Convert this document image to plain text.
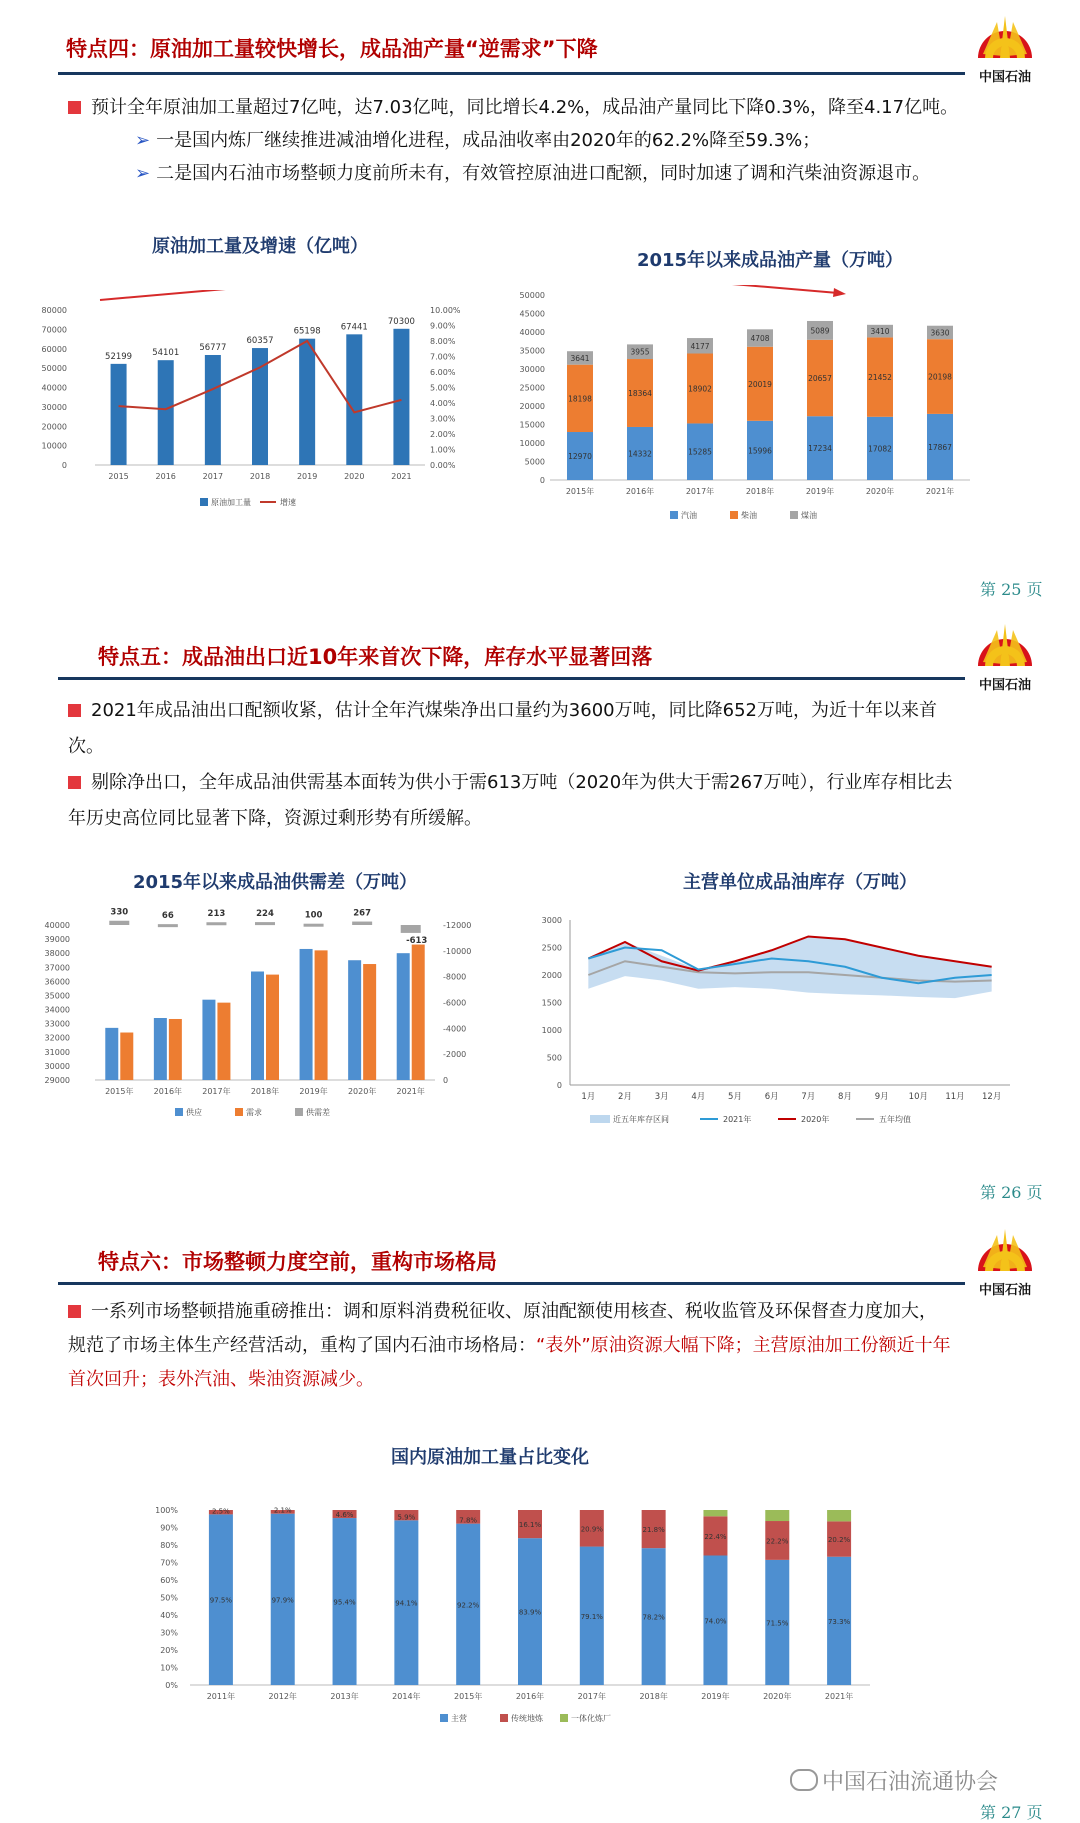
特点四：原油加工量较快增长，成品油产量“逆需求”下降
中国石油
预计全年原油加工量超过7亿吨，达7.03亿吨，同比增长4.2%，成品油产量同比下降0.3%，降至4.17亿吨。
➢ 一是国内炼厂继续推进减油增化进程，成品油收率由2020年的62.2%降至59.3%；
➢ 二是国内石油市场整顿力度前所未有，有效管控原油进口配额，同时加速了调和汽柴油资源退市。
原油加工量及增速（亿吨）
0
10000
20000
30000
40000
50000
60000
70000
80000
0.00%
1.00%
2.00%
3.00%
4.00%
5.00%
6.00%
7.00%
8.00%
9.00%
10.00%
52199
2015
54101
2016
56777
2017
60357
2018
65198
2019
67441
2020
70300
2021
原油加工量	增速
2015年以来成品油产量（万吨）
0
5000
10000
15000
20000
25000
30000
35000
40000
45000
50000
12970
18198
3641
2015年
14332
18364
3955
2016年
15285
18902
4177
2017年
15996
20019
4708
2018年
17234
20657
5089
2019年
17082
21452
3410
2020年
17867
20198
3630
2021年
汽油	柴油	煤油
第 25 页
特点五：成品油出口近10年来首次下降，库存水平显著回落
中国石油
2021年成品油出口配额收紧，估计全年汽煤柴净出口量约为3600万吨，同比降652万吨，为近十年以来首次。
剔除净出口，全年成品油供需基本面转为供小于需613万吨（2020年为供大于需267万吨），行业库存相比去年历史高位同比显著下降，资源过剩形势有所缓解。
2015年以来成品油供需差（万吨）
29000
30000
31000
32000
33000
34000
35000
36000
37000
38000
39000
40000
0
-2000
-4000
-6000
-8000
-10000
-12000
330
2015年
66
2016年
213
2017年
224
2018年
100
2019年
267
2020年
-613
2021年
供应	需求	供需差
主营单位成品油库存（万吨）
0
500
1000
1500
2000
2500
3000
1月	2月	3月	4月	5月	6月	7月	8月	9月 10月 11月 12月
近五年库存区间	2021年	2020年	五年均值
第 26 页
特点六：市场整顿力度空前，重构市场格局
中国石油
一系列市场整顿措施重磅推出：调和原料消费税征收、原油配额使用核查、税收监管及环保督查力度加大，规范了市场主体生产经营活动，重构了国内石油市场格局：“表外”原油资源大幅下降；主营原油加工份额近十年首次回升；表外汽油、柴油资源减少。
国内原油加工量占比变化
0%
10%
20%
30%
40%
50%
60%
70%
80%
90%
100%
97.5%
2.5%
2011年
97.9%
2.1%
2012年
95.4%
4.6%
2013年
94.1%
5.9%
2014年
92.2%
7.8%
2015年
83.9%
16.1%
2016年
79.1%
20.9%
2017年
78.2%
21.8%
2018年
74.0%
22.4%
2019年
71.5%
22.2%
2020年
73.3%
20.2%
2021年
主营	传统地炼	一体化炼厂
第 27 页
中国石油流通协会
